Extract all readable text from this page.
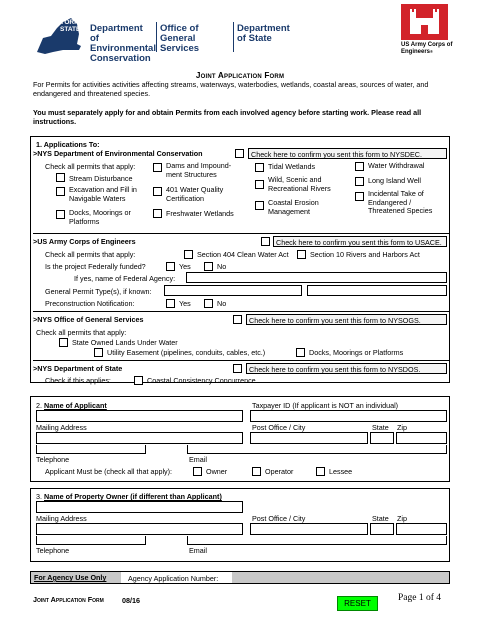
NEW YORK STATE	Department of Environmental Conservation
Office of General Services
Department of State
US Army Corps of Engineers®
Joint Application Form
For Permits for activities activities affecting streams, waterways, waterbodies, wetlands, coastal areas, sources of water, and endangered and threatened species.
You must separately apply for and obtain Permits from each involved agency before starting work. Please read all instructions.
1. Applications To:
>NYS Department of Environmental Conservation	Check here to confirm you sent this form to NYSDEC.
Check all permits that apply:
Stream Disturbance
Excavation and Fill in Navigable Waters
Docks, Moorings or Platforms
Dams and Impound-ment Structures
401 Water Quality Certification
Freshwater Wetlands
Tidal Wetlands
Wild, Scenic and Recreational Rivers
Coastal Erosion Management
Water Withdrawal
Long Island Well
Incidental Take of Endangered / Threatened Species
>US Army Corps of Engineers	Check here to confirm you sent this form to USACE.
Check all permits that apply:	Section 404 Clean Water Act	Section 10 Rivers and Harbors Act
Is the project Federally funded?	Yes	No
If yes, name of Federal Agency:
General Permit Type(s), if known:
Preconstruction Notification:	Yes	No
>NYS Office of General Services	Check here to confirm you sent this form to NYSOGS.
Check all permits that apply:
State Owned Lands Under Water
Utility Easement (pipelines, conduits, cables, etc.)	Docks, Moorings or Platforms
>NYS Department of State	Check here to confirm you sent this form to NYSDOS.
Check if this applies:	Coastal Consistency Concurrence
2. Name of Applicant	Taxpayer ID (If applicant is NOT an individual)
Mailing Address	Post Office / City	State Zip
Telephone	Email
Applicant Must be (check all that apply):	Owner	Operator	Lessee
3. Name of Property Owner (if different than Applicant)
Mailing Address	Post Office / City	State Zip
Telephone	Email
For Agency Use Only	Agency Application Number:
Joint Application Form	08/16	RESET
Page 1 of 4
